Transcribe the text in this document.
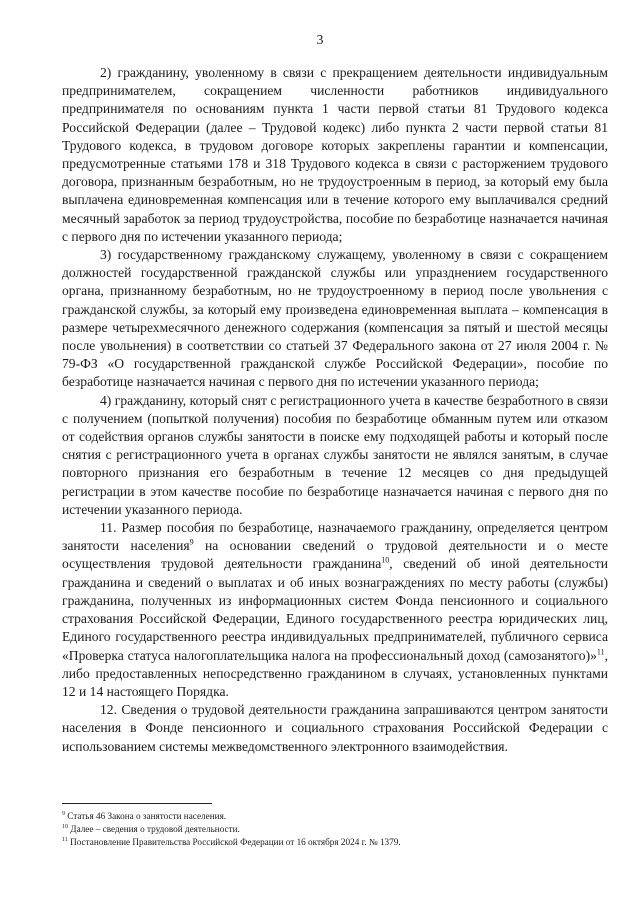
3

2) гражданину, уволенному в связи с прекращением деятельности индивидуальным предпринимателем, сокращением численности работников индивидуального предпринимателя по основаниям пункта 1 части первой статьи 81 Трудового кодекса Российской Федерации (далее – Трудовой кодекс) либо пункта 2 части первой статьи 81 Трудового кодекса, в трудовом договоре которых закреплены гарантии и компенсации, предусмотренные статьями 178 и 318 Трудового кодекса в связи с расторжением трудового договора, признанным безработным, но не трудоустроенным в период, за который ему была выплачена единовременная компенсация или в течение которого ему выплачивался средний месячный заработок за период трудоустройства, пособие по безработице назначается начиная с первого дня по истечении указанного периода;

3) государственному гражданскому служащему, уволенному в связи с сокращением должностей государственной гражданской службы или упразднением государственного органа, признанному безработным, но не трудоустроенному в период после увольнения с гражданской службы, за который ему произведена единовременная выплата – компенсация в размере четырехмесячного денежного содержания (компенсация за пятый и шестой месяцы после увольнения) в соответствии со статьей 37 Федерального закона от 27 июля 2004 г. № 79-ФЗ «О государственной гражданской службе Российской Федерации», пособие по безработице назначается начиная с первого дня по истечении указанного периода;

4) гражданину, который снят с регистрационного учета в качестве безработного в связи с получением (попыткой получения) пособия по безработице обманным путем или отказом от содействия органов службы занятости в поиске ему подходящей работы и который после снятия с регистрационного учета в органах службы занятости не являлся занятым, в случае повторного признания его безработным в течение 12 месяцев со дня предыдущей регистрации в этом качестве пособие по безработице назначается начиная с первого дня по истечении указанного периода.

11. Размер пособия по безработице, назначаемого гражданину, определяется центром занятости населения$^9$ на основании сведений о трудовой деятельности и о месте осуществления трудовой деятельности гражданина$^{10}$, сведений об иной деятельности гражданина и сведений о выплатах и об иных вознаграждениях по месту работы (службы) гражданина, полученных из информационных систем Фонда пенсионного и социального страхования Российской Федерации, Единого государственного реестра юридических лиц, Единого государственного реестра индивидуальных предпринимателей, публичного сервиса «Проверка статуса налогоплательщика налога на профессиональный доход (самозанятого)»$^{11}$, либо предоставленных непосредственно гражданином в случаях, установленных пунктами 12 и 14 настоящего Порядка.

12. Сведения о трудовой деятельности гражданина запрашиваются центром занятости населения в Фонде пенсионного и социального страхования Российской Федерации с использованием системы межведомственного электронного взаимодействия.

$^9$ Статья 46 Закона о занятости населения.
$^{10}$ Далее – сведения о трудовой деятельности.
$^{11}$ Постановление Правительства Российской Федерации от 16 октября 2024 г. № 1379.
